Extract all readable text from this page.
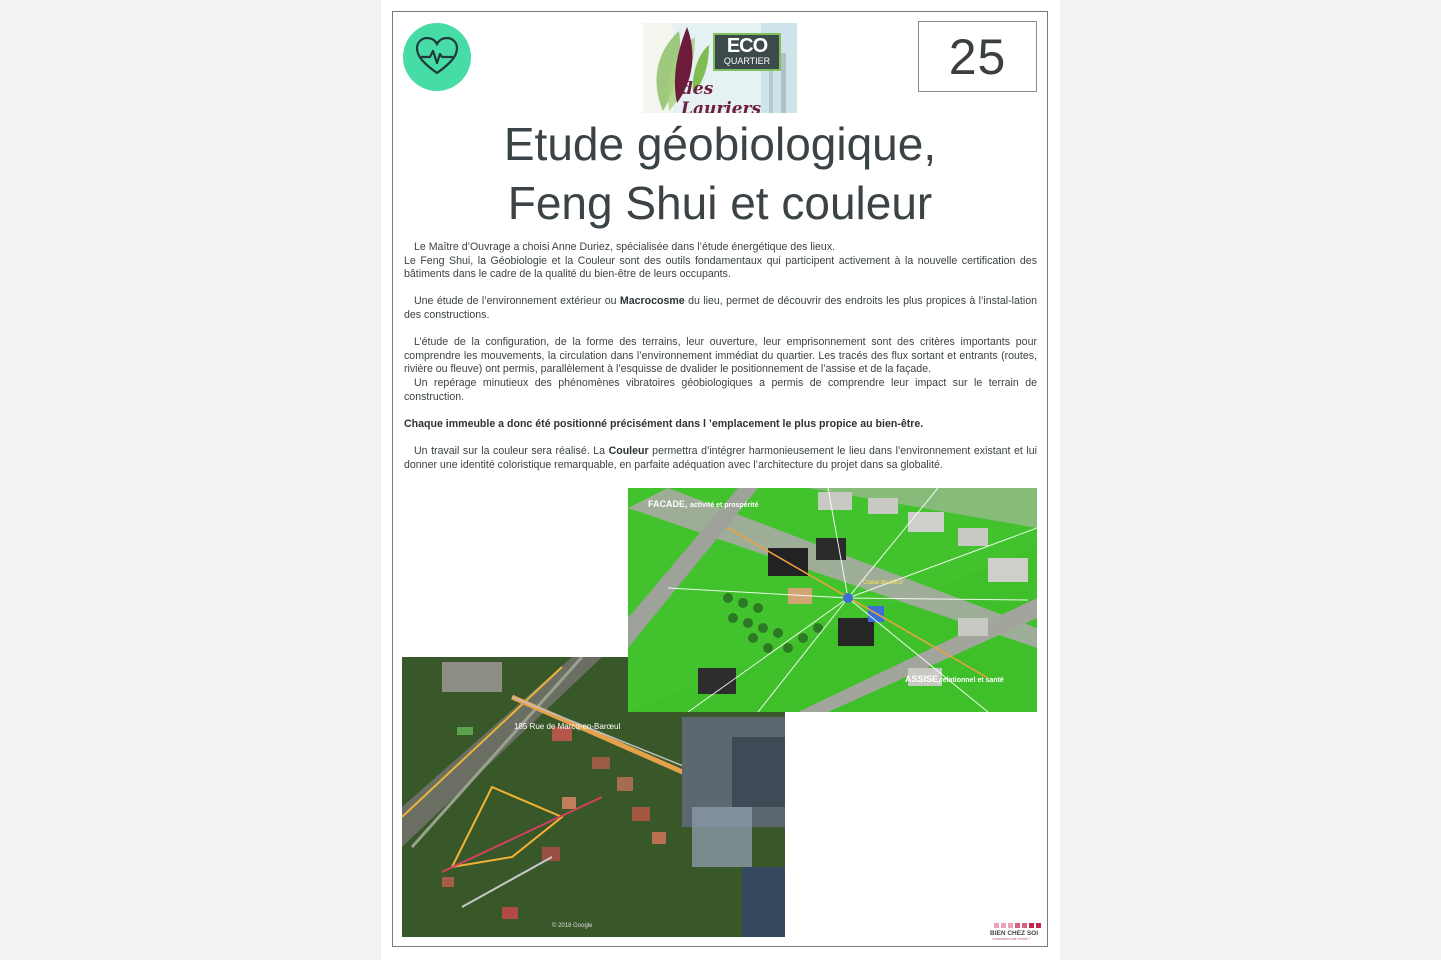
ECO
QUARTIER
des Lauriers
25
Etude géobiologique,
Feng Shui et couleur

Le Maître d’Ouvrage a choisi Anne Duriez, spécialisée dans l’étude énergétique des lieux.
Le Feng Shui, la Géobiologie et la Couleur sont des outils fondamentaux qui participent activement à la nouvelle certification des bâtiments dans le cadre de la qualité du bien-être de leurs occupants.

Une étude de l’environnement extérieur ou Macrocosme du lieu, permet de découvrir des endroits les plus propices à l’instal-lation des constructions.

L’étude de la configuration, de la forme des terrains, leur ouverture, leur emprisonnement sont des critères importants pour comprendre les mouvements, la circulation dans l’environnement immédiat du quartier. Les tracés des flux sortant et entrants (routes, rivière ou fleuve) ont permis, parallèlement à l’esquisse de dvalider le positionnement de l’assise et de la façade.
Un repérage minutieux des phénomènes vibratoires géobiologiques a permis de comprendre leur impact sur le terrain de construction.

Chaque immeuble a donc été positionné précisément dans l ’emplacement le plus propice au bien-être.

Un travail sur la couleur sera réalisé. La Couleur permettra d’intégrer harmonieusement le lieu dans l’environnement existant et lui donner une identité coloristique remarquable, en parfaite adéquation avec l’architecture du projet dans sa globalité.

185 Rue de Marcq-en-Barœul
© 2018 Google
FACADE, activité et prospérité
Coeur du LIEU
ASSISE, relationnel et santé
BIEN CHEZ SOI
consultation par envoie !
